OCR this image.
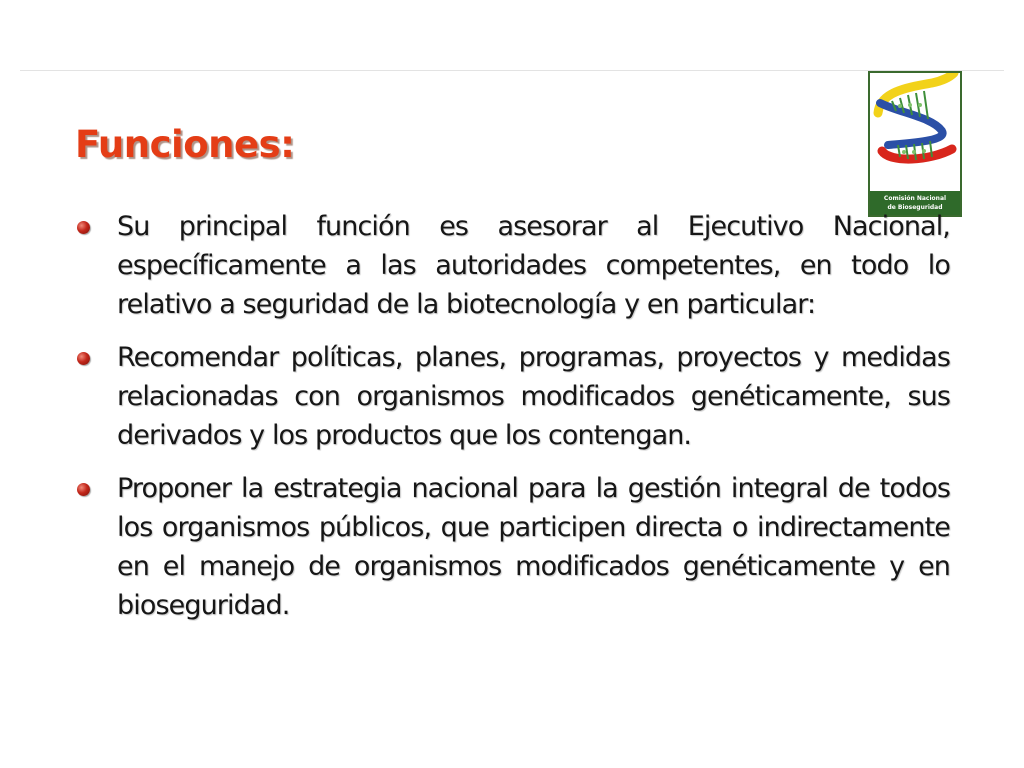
Funciones:
Comisión Nacional
de Bioseguridad
Su principal función es asesorar al Ejecutivo Nacional, específicamente a las autoridades competentes, en todo lo relativo a seguridad de la biotecnología y en particular:
Recomendar políticas, planes, programas, proyectos y medidas relacionadas con organismos modificados genéticamente, sus derivados y los productos que los contengan.
Proponer la estrategia nacional para la gestión integral de todos los organismos públicos, que participen directa o indirectamente en el manejo de organismos modificados genéticamente y en bioseguridad.
